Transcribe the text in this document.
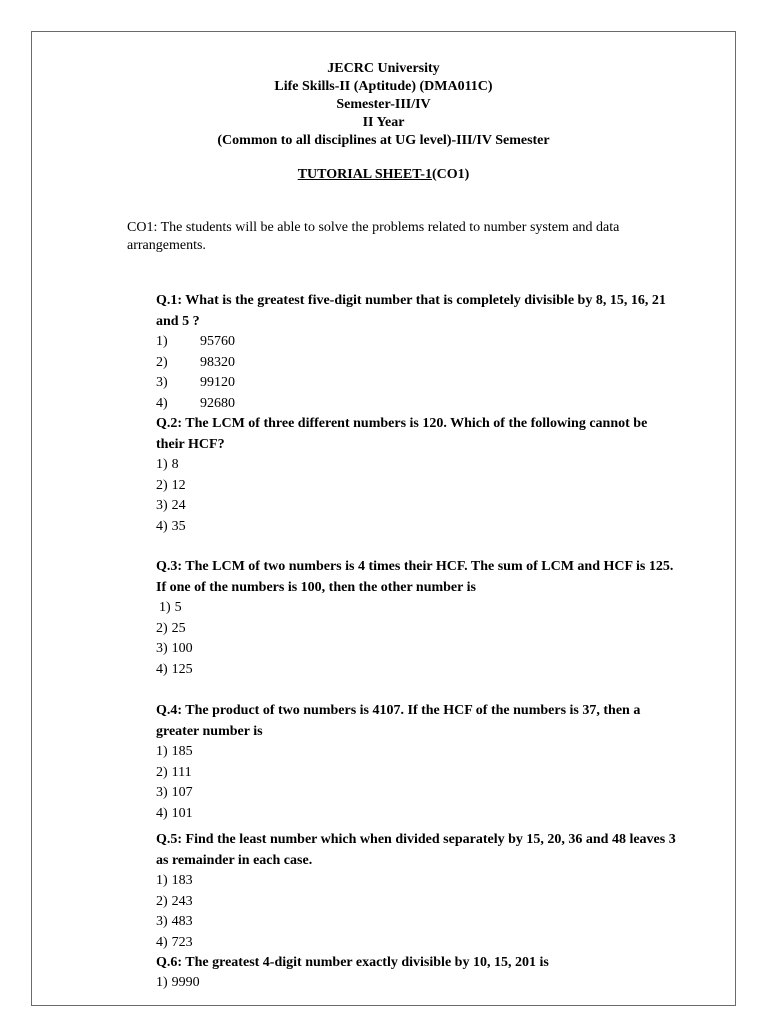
JECRC University
Life Skills-II (Aptitude) (DMA011C)
Semester-III/IV
II Year
(Common to all disciplines at UG level)-III/IV Semester
TUTORIAL SHEET-1(CO1)
CO1: The students will be able to solve the problems related to number system and data arrangements.
Q.1: What is the greatest five-digit number that is completely divisible by 8, 15, 16, 21 and 5 ?
1) 95760
2) 98320
3) 99120
4) 92680
Q.2: The LCM of three different numbers is 120. Which of the following cannot be their HCF?
1) 8
2) 12
3) 24
4) 35
Q.3: The LCM of two numbers is 4 times their HCF. The sum of LCM and HCF is 125. If one of the numbers is 100, then the other number is
1) 5
2) 25
3) 100
4) 125
Q.4: The product of two numbers is 4107. If the HCF of the numbers is 37, then a greater number is
1) 185
2) 111
3) 107
4) 101
Q.5: Find the least number which when divided separately by 15, 20, 36 and 48 leaves 3 as remainder in each case.
1) 183
2) 243
3) 483
4) 723
Q.6: The greatest 4-digit number exactly divisible by 10, 15, 201 is
1) 9990
